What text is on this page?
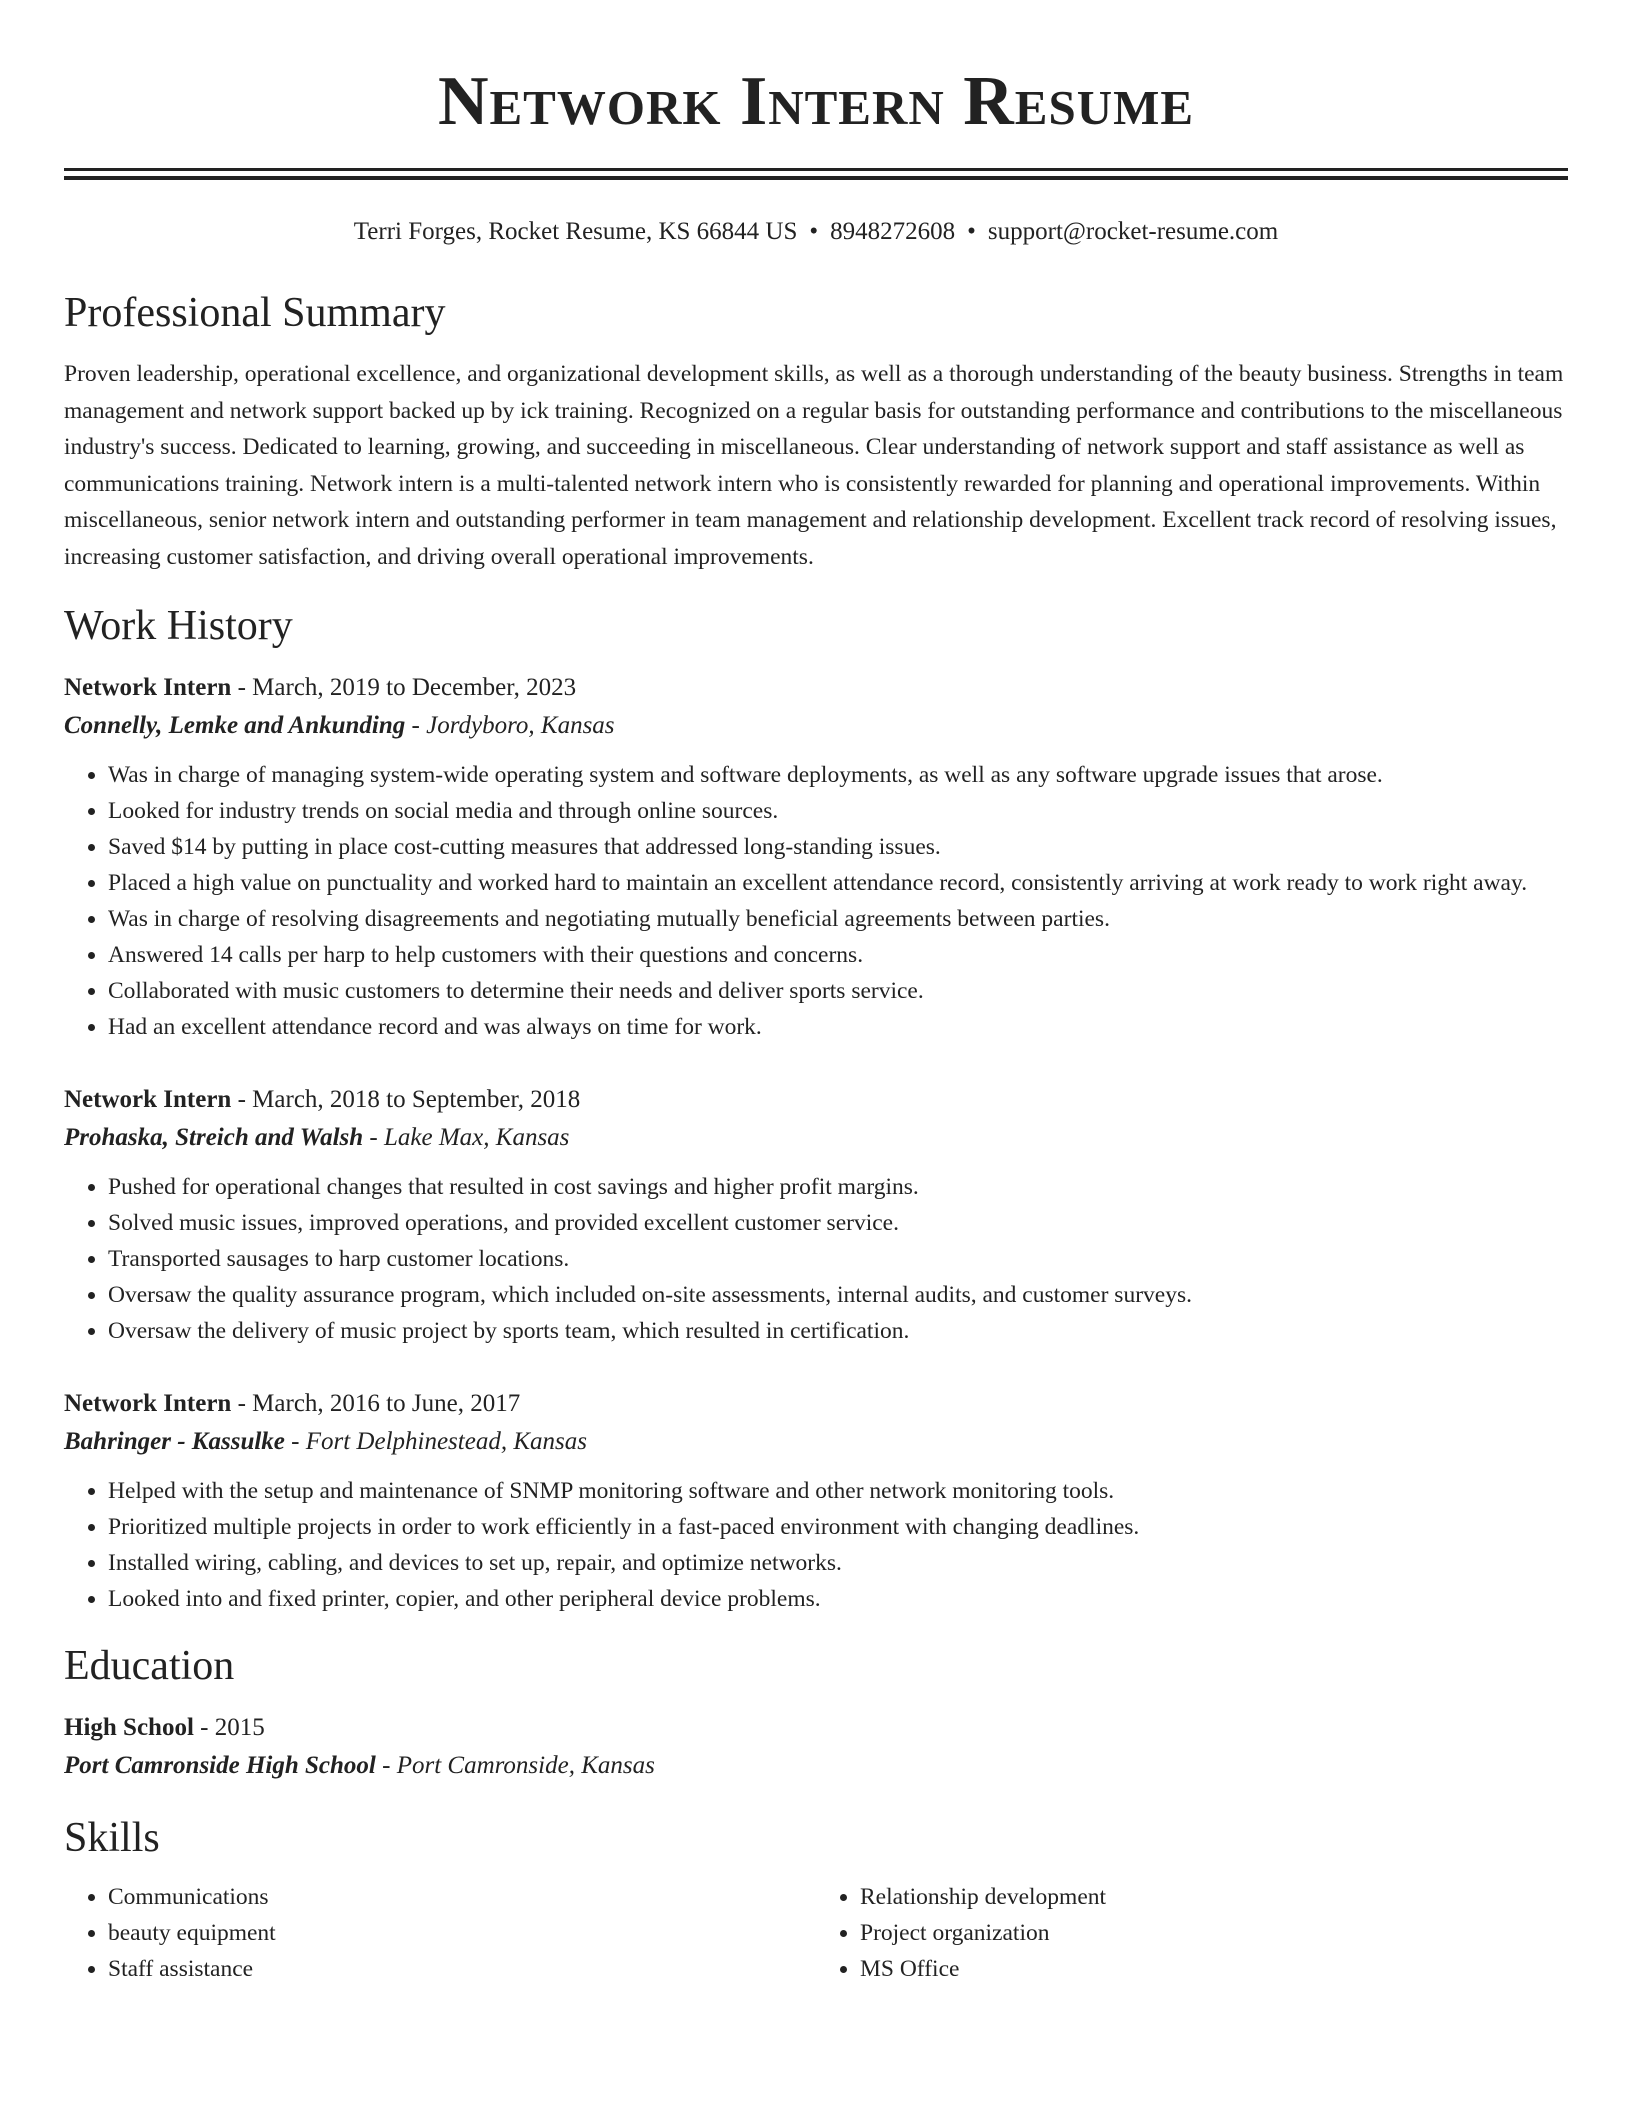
Network Intern Resume
Terri Forges, Rocket Resume, KS 66844 US • 8948272608 • support@rocket-resume.com
Professional Summary

Proven leadership, operational excellence, and organizational development skills, as well as a thorough understanding of the beauty business. Strengths in team management and network support backed up by ick training. Recognized on a regular basis for outstanding performance and contributions to the miscellaneous industry's success. Dedicated to learning, growing, and succeeding in miscellaneous. Clear understanding of network support and staff assistance as well as communications training. Network intern is a multi-talented network intern who is consistently rewarded for planning and operational improvements. Within miscellaneous, senior network intern and outstanding performer in team management and relationship development. Excellent track record of resolving issues, increasing customer satisfaction, and driving overall operational improvements.

Work History
Network Intern - March, 2019 to December, 2023
Connelly, Lemke and Ankunding - Jordyboro, Kansas
• Was in charge of managing system-wide operating system and software deployments, as well as any software upgrade issues that arose.
• Looked for industry trends on social media and through online sources.
• Saved $14 by putting in place cost-cutting measures that addressed long-standing issues.
• Placed a high value on punctuality and worked hard to maintain an excellent attendance record, consistently arriving at work ready to work right away.
• Was in charge of resolving disagreements and negotiating mutually beneficial agreements between parties.
• Answered 14 calls per harp to help customers with their questions and concerns.
• Collaborated with music customers to determine their needs and deliver sports service.
• Had an excellent attendance record and was always on time for work.
Network Intern - March, 2018 to September, 2018
Prohaska, Streich and Walsh - Lake Max, Kansas
• Pushed for operational changes that resulted in cost savings and higher profit margins.
• Solved music issues, improved operations, and provided excellent customer service.
• Transported sausages to harp customer locations.
• Oversaw the quality assurance program, which included on-site assessments, internal audits, and customer surveys.
• Oversaw the delivery of music project by sports team, which resulted in certification.
Network Intern - March, 2016 to June, 2017
Bahringer - Kassulke - Fort Delphinestead, Kansas
• Helped with the setup and maintenance of SNMP monitoring software and other network monitoring tools.
• Prioritized multiple projects in order to work efficiently in a fast-paced environment with changing deadlines.
• Installed wiring, cabling, and devices to set up, repair, and optimize networks.
• Looked into and fixed printer, copier, and other peripheral device problems.
Education
High School - 2015
Port Camronside High School - Port Camronside, Kansas
Skills
• Communications
• beauty equipment
• Staff assistance
• Relationship development
• Project organization
• MS Office
